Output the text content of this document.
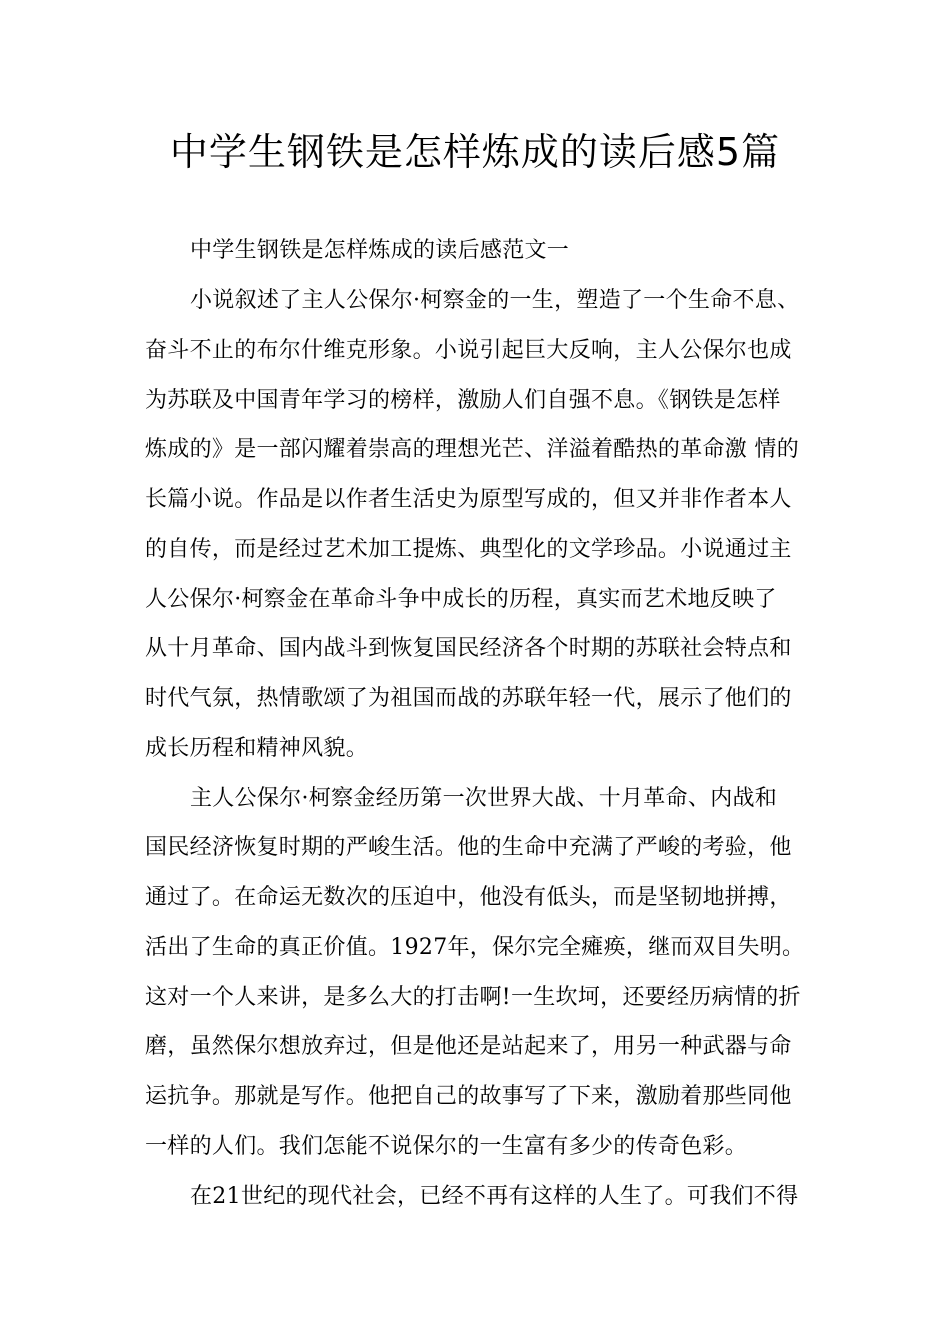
中学生钢铁是怎样炼成的读后感5篇
中学生钢铁是怎样炼成的读后感范文一
小说叙述了主人公保尔·柯察金的一生，塑造了一个生命不息、
奋斗不止的布尔什维克形象。小说引起巨大反响，主人公保尔也成
为苏联及中国青年学习的榜样，激励人们自强不息。《钢铁是怎样
炼成的》是一部闪耀着崇高的理想光芒、洋溢着酷热的革命激 情的
长篇小说。作品是以作者生活史为原型写成的，但又并非作者本人
的自传，而是经过艺术加工提炼、典型化的文学珍品。小说通过主
人公保尔·柯察金在革命斗争中成长的历程，真实而艺术地反映了
从十月革命、国内战斗到恢复国民经济各个时期的苏联社会特点和
时代气氛，热情歌颂了为祖国而战的苏联年轻一代，展示了他们的
成长历程和精神风貌。
主人公保尔·柯察金经历第一次世界大战、十月革命、内战和
国民经济恢复时期的严峻生活。他的生命中充满了严峻的考验，他
通过了。在命运无数次的压迫中，他没有低头，而是坚韧地拼搏，
活出了生命的真正价值。1927年，保尔完全瘫痪，继而双目失明。
这对一个人来讲，是多么大的打击啊!一生坎坷，还要经历病情的折
磨，虽然保尔想放弃过，但是他还是站起来了，用另一种武器与命
运抗争。那就是写作。他把自己的故事写了下来，激励着那些同他
一样的人们。我们怎能不说保尔的一生富有多少的传奇色彩。
在21世纪的现代社会，已经不再有这样的人生了。可我们不得
